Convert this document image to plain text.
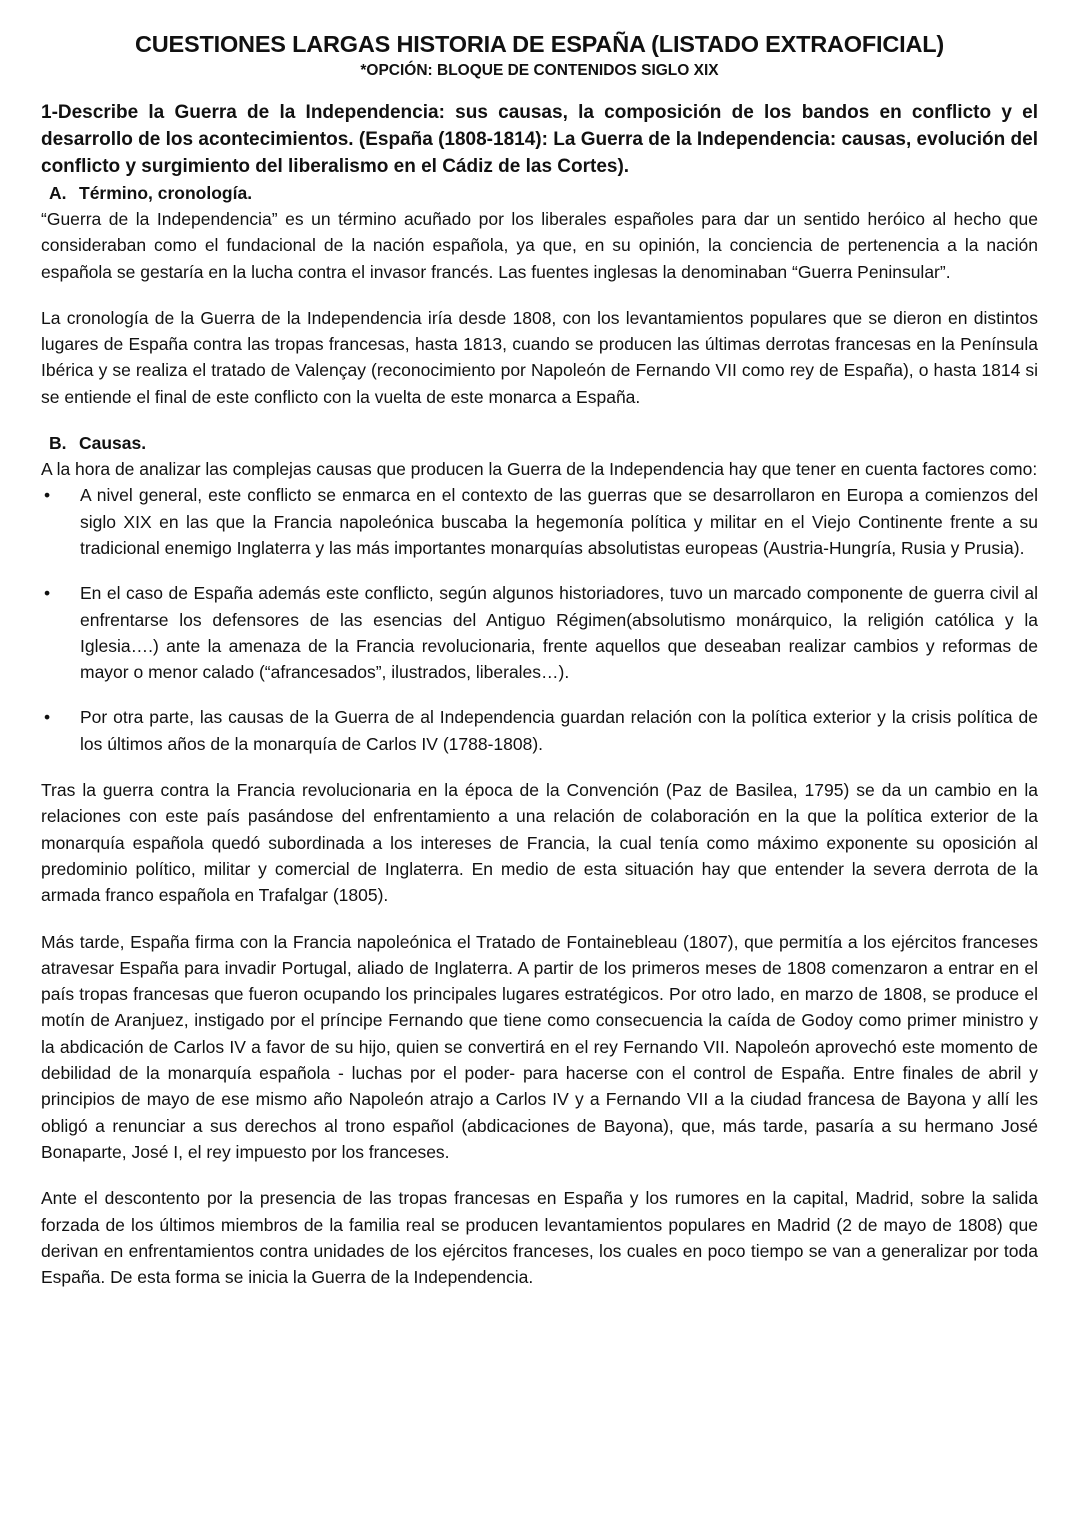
CUESTIONES LARGAS HISTORIA DE ESPAÑA (LISTADO EXTRAOFICIAL)

*OPCIÓN: BLOQUE DE CONTENIDOS SIGLO XIX

1-Describe la Guerra de la Independencia: sus causas, la composición de los bandos en conflicto y el desarrollo de los acontecimientos. (España (1808-1814): La Guerra de la Independencia: causas, evolución del conflicto y surgimiento del liberalismo en el Cádiz de las Cortes).

A. Término, cronología.

“Guerra de la Independencia” es un término acuñado por los liberales españoles para dar un sentido heróico al hecho que consideraban como el fundacional de la nación española, ya que, en su opinión, la conciencia de pertenencia a la nación española se gestaría en la lucha contra el invasor francés. Las fuentes inglesas la denominaban “Guerra Peninsular”.

La cronología de la Guerra de la Independencia iría desde 1808, con los levantamientos populares que se dieron en distintos lugares de España contra las tropas francesas, hasta 1813, cuando se producen las últimas derrotas francesas en la Península Ibérica y se realiza el tratado de Valençay (reconocimiento por Napoleón de Fernando VII como rey de España), o hasta 1814 si se entiende el final de este conflicto con la vuelta de este monarca a España.

B. Causas.

A la hora de analizar las complejas causas que producen la Guerra de la Independencia hay que tener en cuenta factores como:

• A nivel general, este conflicto se enmarca en el contexto de las guerras que se desarrollaron en Europa a comienzos del siglo XIX en las que la Francia napoleónica buscaba la hegemonía política y militar en el Viejo Continente frente a su tradicional enemigo Inglaterra y las más importantes monarquías absolutistas europeas (Austria-Hungría, Rusia y Prusia).
• En el caso de España además este conflicto, según algunos historiadores, tuvo un marcado componente de guerra civil al enfrentarse los defensores de las esencias del Antiguo Régimen(absolutismo monárquico, la religión católica y la Iglesia….) ante la amenaza de la Francia revolucionaria, frente aquellos que deseaban realizar cambios y reformas de mayor o menor calado (“afrancesados”, ilustrados, liberales…).
• Por otra parte, las causas de la Guerra de al Independencia guardan relación con la política exterior y la crisis política de los últimos años de la monarquía de Carlos IV (1788-1808).

Tras la guerra contra la Francia revolucionaria en la época de la Convención (Paz de Basilea, 1795) se da un cambio en la relaciones con este país pasándose del enfrentamiento a una relación de colaboración en la que la política exterior de la monarquía española quedó subordinada a los intereses de Francia, la cual tenía como máximo exponente su oposición al predominio político, militar y comercial de Inglaterra. En medio de esta situación hay que entender la severa derrota de la armada franco española en Trafalgar (1805).

Más tarde, España firma con la Francia napoleónica el Tratado de Fontainebleau (1807), que permitía a los ejércitos franceses atravesar España para invadir Portugal, aliado de Inglaterra. A partir de los primeros meses de 1808 comenzaron a entrar en el país tropas francesas que fueron ocupando los principales lugares estratégicos. Por otro lado, en marzo de 1808, se produce el motín de Aranjuez, instigado por el príncipe Fernando que tiene como consecuencia la caída de Godoy como primer ministro y la abdicación de Carlos IV a favor de su hijo, quien se convertirá en el rey Fernando VII. Napoleón aprovechó este momento de debilidad de la monarquía española - luchas por el poder- para hacerse con el control de España. Entre finales de abril y principios de mayo de ese mismo año Napoleón atrajo a Carlos IV y a Fernando VII a la ciudad francesa de Bayona y allí les obligó a renunciar a sus derechos al trono español (abdicaciones de Bayona), que, más tarde, pasaría a su hermano José Bonaparte, José I, el rey impuesto por los franceses.

Ante el descontento por la presencia de las tropas francesas en España y los rumores en la capital, Madrid, sobre la salida forzada de los últimos miembros de la familia real se producen levantamientos populares en Madrid (2 de mayo de 1808) que derivan en enfrentamientos contra unidades de los ejércitos franceses, los cuales en poco tiempo se van a generalizar por toda España. De esta forma se inicia la Guerra de la Independencia.
